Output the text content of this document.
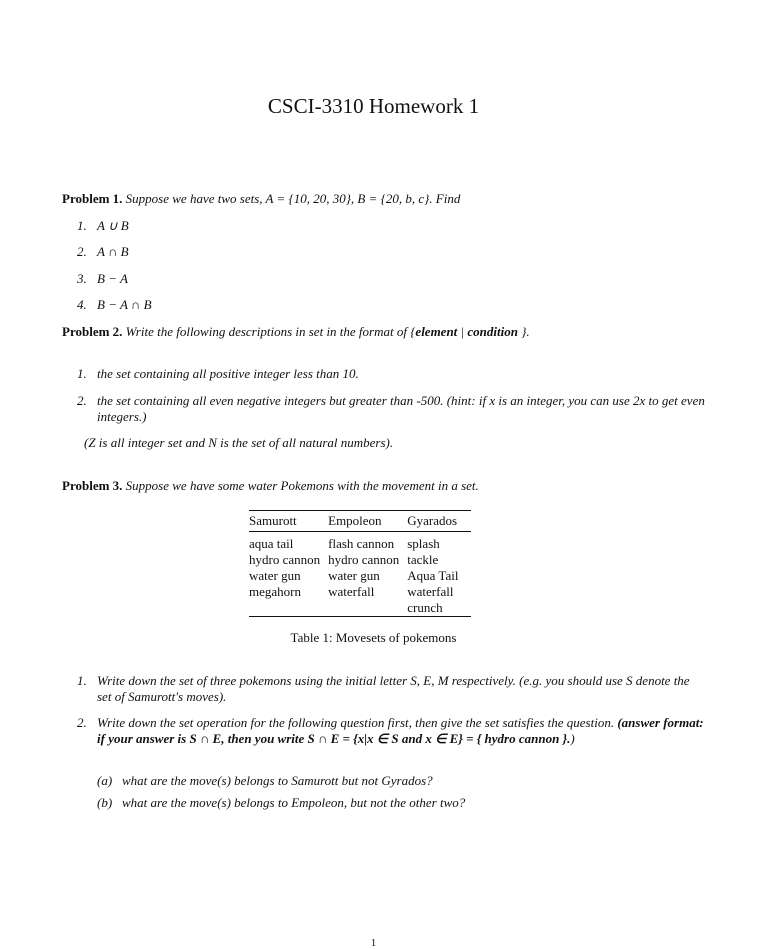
CSCI-3310 Homework 1
Problem 1. Suppose we have two sets, A = {10, 20, 30}, B = {20, b, c}. Find
1. A ∪ B
2. A ∩ B
3. B − A
4. B − A ∩ B
Problem 2. Write the following descriptions in set in the format of {element | condition }.
1. the set containing all positive integer less than 10.
2. the set containing all even negative integers but greater than -500. (hint: if x is an integer, you can use 2x to get even integers.)
(Z is all integer set and N is the set of all natural numbers).
Problem 3. Suppose we have some water Pokemons with the movement in a set.
Samurott	Empoleon	Gyarados
aqua tail	flash cannon	splash
hydro cannon	hydro cannon	tackle
water gun	water gun	Aqua Tail
megahorn	waterfall	waterfall
		crunch
Table 1: Movesets of pokemons
1. Write down the set of three pokemons using the initial letter S, E, M respectively. (e.g. you should use S denote the set of Samurott's moves).
2. Write down the set operation for the following question first, then give the set satisfies the question. (answer format: if your answer is S ∩ E, then you write S ∩ E = {x|x ∈ S and x ∈ E} = { hydro cannon }.)
(a) what are the move(s) belongs to Samurott but not Gyrados?
(b) what are the move(s) belongs to Empoleon, but not the other two?
1
